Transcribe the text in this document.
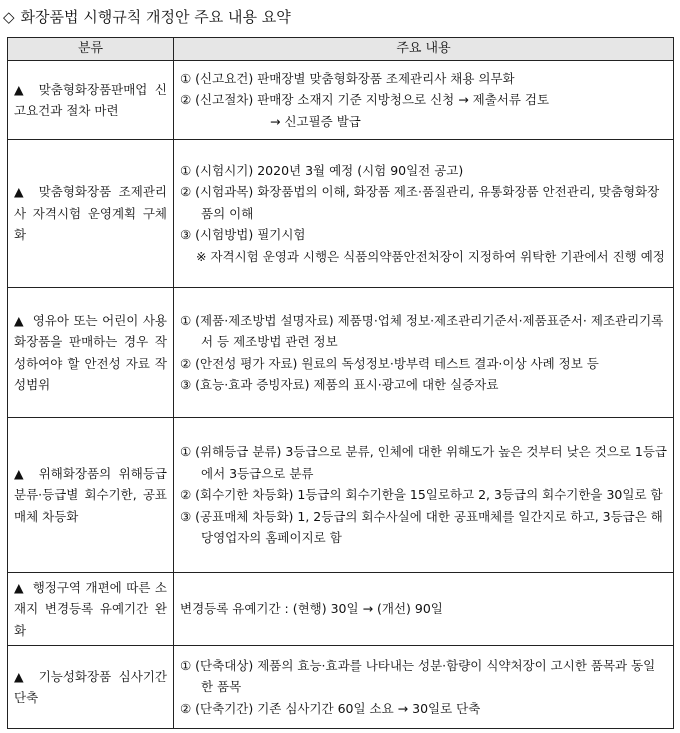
◇ 화장품법 시행규칙 개정안 주요 내용 요약
분류	주요 내용
▲ 맞춤형화장품판매업 신고요건과 절차 마련	① (신고요건) 판매장별 맞춤형화장품 조제관리사 채용 의무화
② (신고절차) 판매장 소재지 기준 지방청으로 신청 → 제출서류 검토
→ 신고필증 발급

▲ 맞춤형화장품 조제관리사 자격시험 운영계획 구체화	① (시험시기) 2020년 3월 예정 (시험 90일전 공고)
② (시험과목) 화장품법의 이해, 화장품 제조·품질관리, 유통화장품 안전관리, 맞춤형화장품의 이해
③ (시험방법) 필기시험
※ 자격시험 운영과 시행은 식품의약품안전처장이 지정하여 위탁한 기관에서 진행 예정

▲ 영유아 또는 어린이 사용 화장품을 판매하는 경우 작성하여야 할 안전성 자료 작성범위	① (제품·제조방법 설명자료) 제품명·업체 정보·제조관리기준서·제품표준서· 제조관리기록서 등 제조방법 관련 정보
② (안전성 평가 자료) 원료의 독성정보·방부력 테스트 결과·이상 사례 정보 등
③ (효능·효과 증빙자료) 제품의 표시·광고에 대한 실증자료

▲ 위해화장품의 위해등급 분류·등급별 회수기한, 공표매체 차등화	① (위해등급 분류) 3등급으로 분류, 인체에 대한 위해도가 높은 것부터 낮은 것으로 1등급에서 3등급으로 분류
② (회수기한 차등화) 1등급의 회수기한을 15일로하고 2, 3등급의 회수기한을 30일로 함
③ (공표매체 차등화) 1, 2등급의 회수사실에 대한 공표매체를 일간지로 하고, 3등급은 해당영업자의 홈페이지로 함

▲ 행정구역 개편에 따른 소재지 변경등록 유예기간 완화	변경등록 유예기간 : (현행) 30일 → (개선) 90일

▲ 기능성화장품 심사기간 단축	① (단축대상) 제품의 효능·효과를 나타내는 성분·함량이 식약처장이 고시한 품목과 동일한 품목
② (단축기간) 기존 심사기간 60일 소요 → 30일로 단축
